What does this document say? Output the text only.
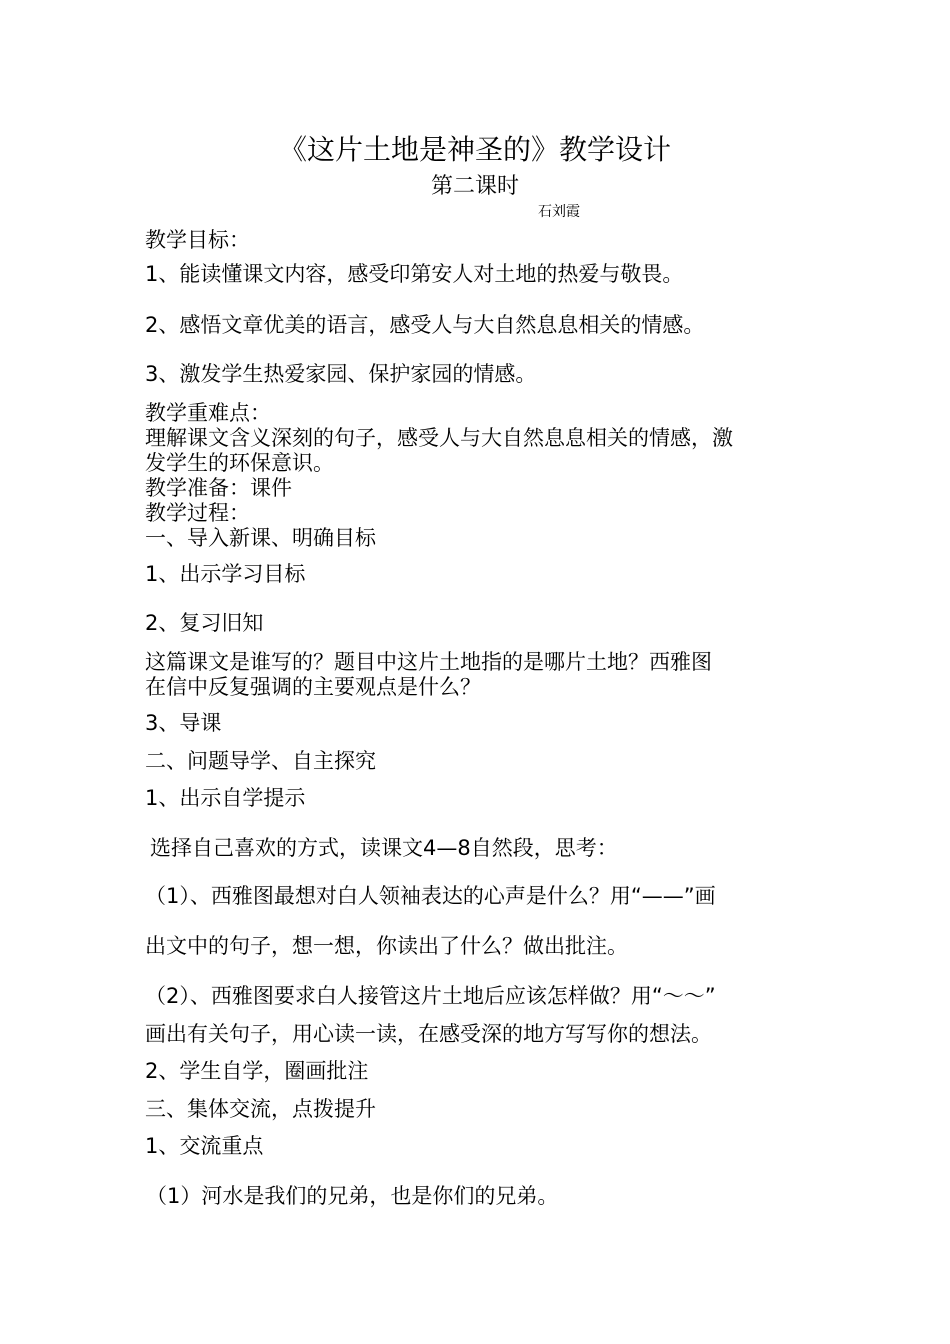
《这片土地是神圣的》教学设计
第二课时
石刘霞
教学目标：
1、能读懂课文内容，感受印第安人对土地的热爱与敬畏。
2、感悟文章优美的语言，感受人与大自然息息相关的情感。
3、激发学生热爱家园、保护家园的情感。
教学重难点：
理解课文含义深刻的句子，感受人与大自然息息相关的情感，激
发学生的环保意识。
教学准备：课件
教学过程：
一、导入新课、明确目标
1、出示学习目标
2、复习旧知
这篇课文是谁写的？题目中这片土地指的是哪片土地？西雅图
在信中反复强调的主要观点是什么？
3、导课
二、问题导学、自主探究
1、出示自学提示
选择自己喜欢的方式，读课文4—8自然段，思考：
（1）、西雅图最想对白人领袖表达的心声是什么？用“——”画
出文中的句子，想一想，你读出了什么？做出批注。
（2）、西雅图要求白人接管这片土地后应该怎样做？用“～～”
画出有关句子，用心读一读，在感受深的地方写写你的想法。
2、学生自学，圈画批注
三、集体交流，点拨提升
1、交流重点
（1）河水是我们的兄弟，也是你们的兄弟。
